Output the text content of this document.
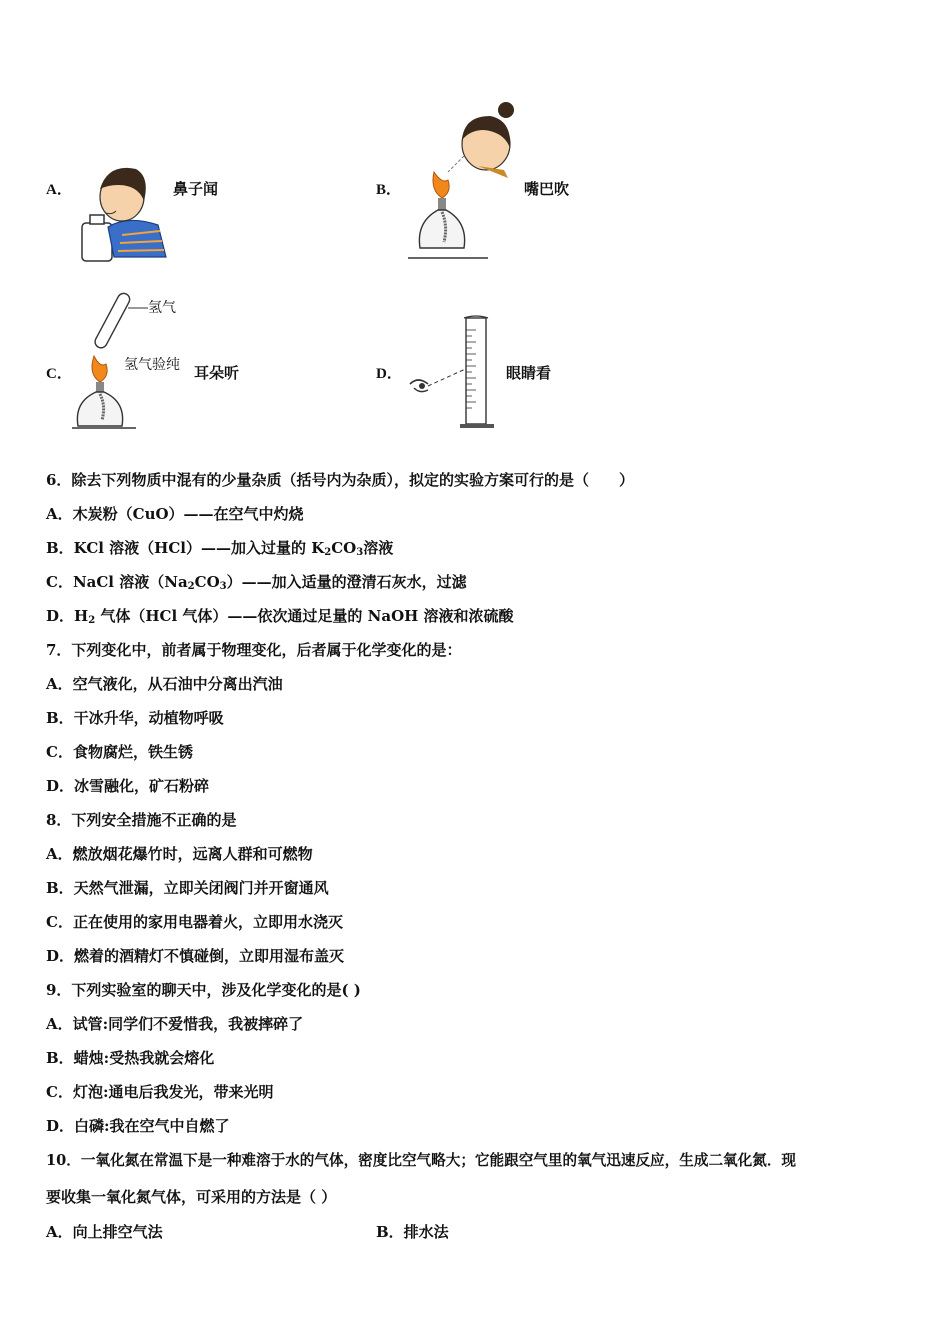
A．	鼻子闻	B．	嘴巴吹
C．
氢气
氢气验纯 耳朵听	D．	眼睛看
6．除去下列物质中混有的少量杂质（括号内为杂质），拟定的实验方案可行的是（　　）
A．木炭粉（CuO）——在空气中灼烧
B．KCl 溶液（HCl）——加入过量的 $K_2CO_3$溶液
C．NaCl 溶液$(Na_2CO_3)——$加入适量的澄清石灰水，过滤
D．$H_2$ 气体（HCl 气体）——依次通过足量的 NaOH 溶液和浓硫酸
7．下列变化中，前者属于物理变化，后者属于化学变化的是：
A．空气液化，从石油中分离出汽油
B．干冰升华，动植物呼吸
C．食物腐烂，铁生锈
D．冰雪融化，矿石粉碎
8．下列安全措施不正确的是
A．燃放烟花爆竹时，远离人群和可燃物
B．天然气泄漏，立即关闭阀门并开窗通风
C．正在使用的家用电器着火，立即用水浇灭
D．燃着的酒精灯不慎碰倒，立即用湿布盖灭
9．下列实验室的聊天中，涉及化学变化的是( )
A．试管:同学们不爱惜我，我被摔碎了
B．蜡烛:受热我就会熔化
C．灯泡:通电后我发光，带来光明
D．白磷:我在空气中自燃了
10．一氧化氮在常温下是一种难溶于水的气体，密度比空气略大；它能跟空气里的氧气迅速反应，生成二氧化氮．现
要收集一氧化氮气体，可采用的方法是（ ）
A．向上排空气法	B．排水法
